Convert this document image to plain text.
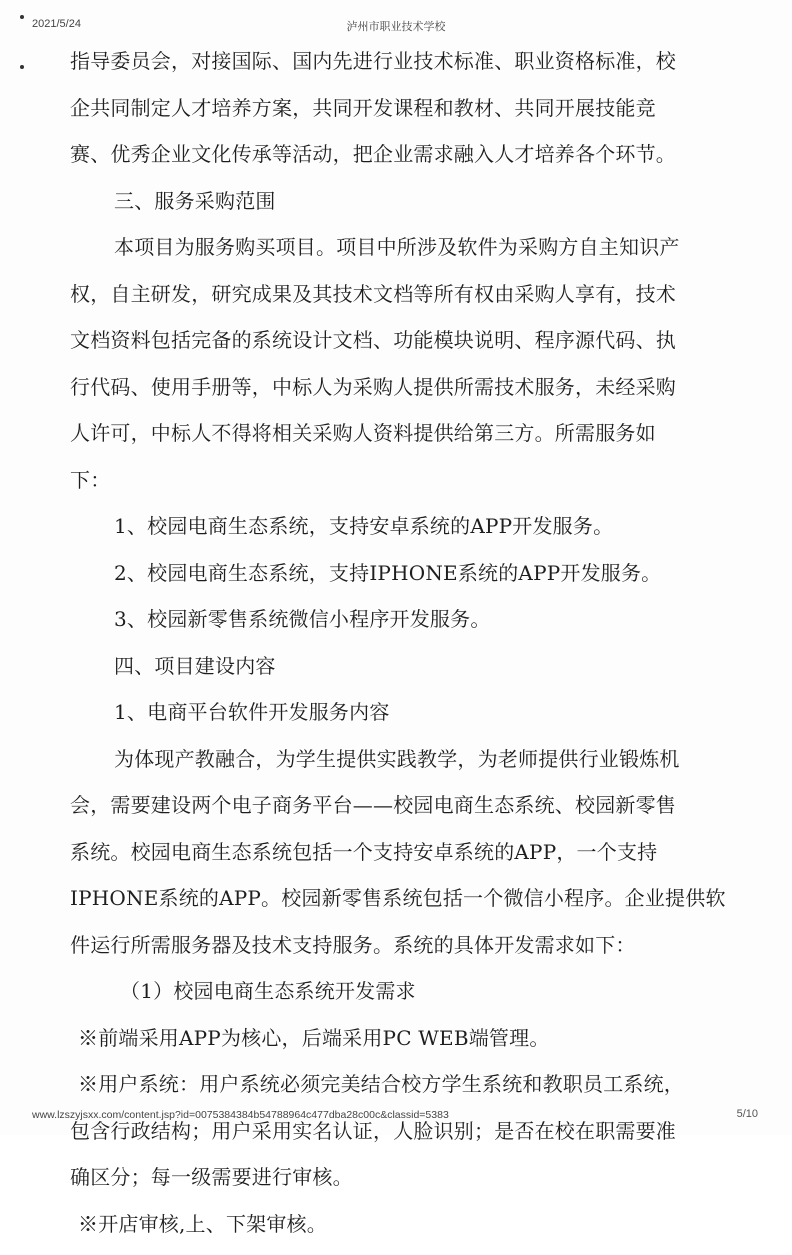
2021/5/24	泸州市职业技术学校
指导委员会，对接国际、国内先进行业技术标准、职业资格标准，校
企共同制定人才培养方案，共同开发课程和教材、共同开展技能竞
赛、优秀企业文化传承等活动，把企业需求融入人才培养各个环节。
三、服务采购范围
本项目为服务购买项目。项目中所涉及软件为采购方自主知识产
权，自主研发，研究成果及其技术文档等所有权由采购人享有，技术
文档资料包括完备的系统设计文档、功能模块说明、程序源代码、执
行代码、使用手册等，中标人为采购人提供所需技术服务，未经采购
人许可，中标人不得将相关采购人资料提供给第三方。所需服务如
下：
1、校园电商生态系统，支持安卓系统的APP开发服务。
2、校园电商生态系统，支持IPHONE系统的APP开发服务。
3、校园新零售系统微信小程序开发服务。
四、项目建设内容
1、电商平台软件开发服务内容
为体现产教融合，为学生提供实践教学，为老师提供行业锻炼机
会，需要建设两个电子商务平台——校园电商生态系统、校园新零售
系统。校园电商生态系统包括一个支持安卓系统的APP，一个支持
IPHONE系统的APP。校园新零售系统包括一个微信小程序。企业提供软
件运行所需服务器及技术支持服务。系统的具体开发需求如下：
（1）校园电商生态系统开发需求
※前端采用APP为核心，后端采用PC WEB端管理。
※用户系统：用户系统必须完美结合校方学生系统和教职员工系统，
包含行政结构；用户采用实名认证，人脸识别；是否在校在职需要准
确区分；每一级需要进行审核。
※开店审核,上、下架审核。
www.lzszyjsxx.com/content.jsp?id=0075384384b54788964c477dba28c00c&classid=5383	5/10
